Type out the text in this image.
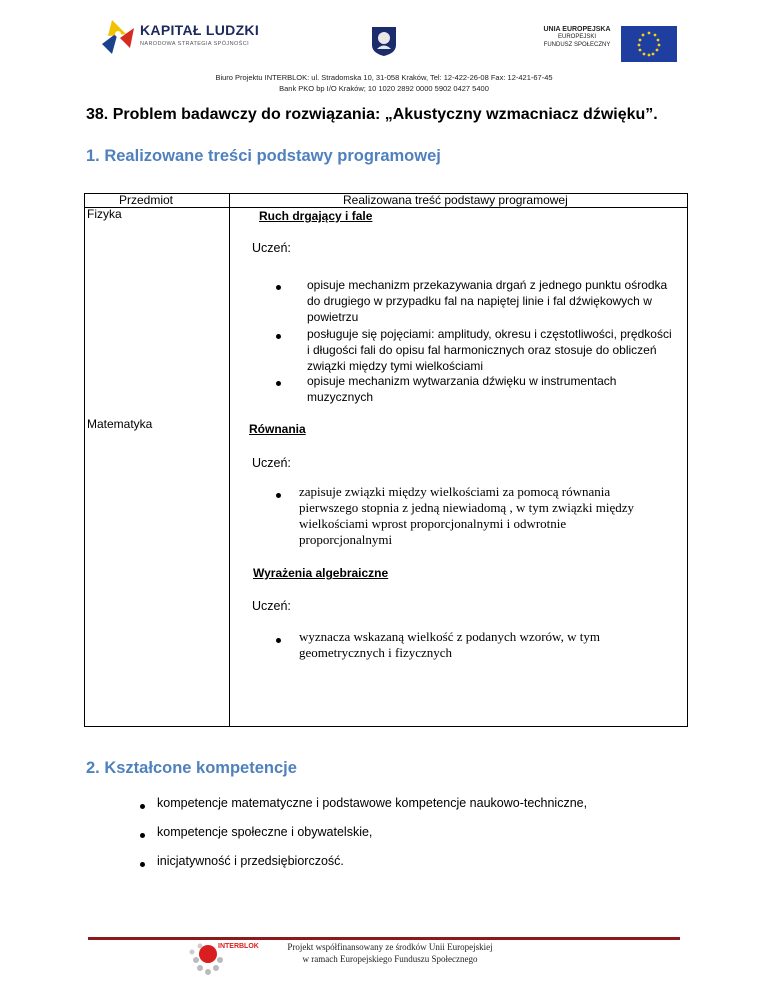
KAPITAŁ LUDZKI
NARODOWA STRATEGIA SPÓJNOŚCI
UNIA EUROPEJSKA
EUROPEJSKI
FUNDUSZ SPOŁECZNY
Biuro Projektu INTERBLOK: ul. Stradomska 10, 31-058 Kraków, Tel: 12-422-26-08 Fax: 12-421-67-45
Bank PKO bp I/O Kraków; 10 1020 2892 0000 5902 0427 5400
38. Problem badawczy do rozwiązania: „Akustyczny wzmacniacz dźwięku”.
1. Realizowane treści podstawy programowej
Przedmiot	Realizowana treść podstawy programowej
Fizyka	Ruch drgający i fale
Uczeń:
opisuje mechanizm przekazywania drgań z jednego punktu ośrodka
do drugiego w przypadku fal na napiętej linie i fal dźwiękowych w
powietrzu
posługuje się pojęciami: amplitudy, okresu i częstotliwości, prędkości
i długości fali do opisu fal harmonicznych oraz stosuje do obliczeń
związki między tymi wielkościami
opisuje mechanizm wytwarzania dźwięku w instrumentach
muzycznych
Matematyka	Równania
Uczeń:
zapisuje związki między wielkościami za pomocą równania
pierwszego stopnia z jedną niewiadomą , w tym związki między
wielkościami wprost proporcjonalnymi i odwrotnie
proporcjonalnymi
Wyrażenia algebraiczne
Uczeń:
wyznacza wskazaną wielkość z podanych wzorów, w tym
geometrycznych i fizycznych
2. Kształcone kompetencje
kompetencje matematyczne i podstawowe kompetencje naukowo-techniczne,
kompetencje społeczne i obywatelskie,
inicjatywność i przedsiębiorczość.
INTERBLOK	Projekt współfinansowany ze środków Unii Europejskiej
w ramach Europejskiego Funduszu Społecznego
